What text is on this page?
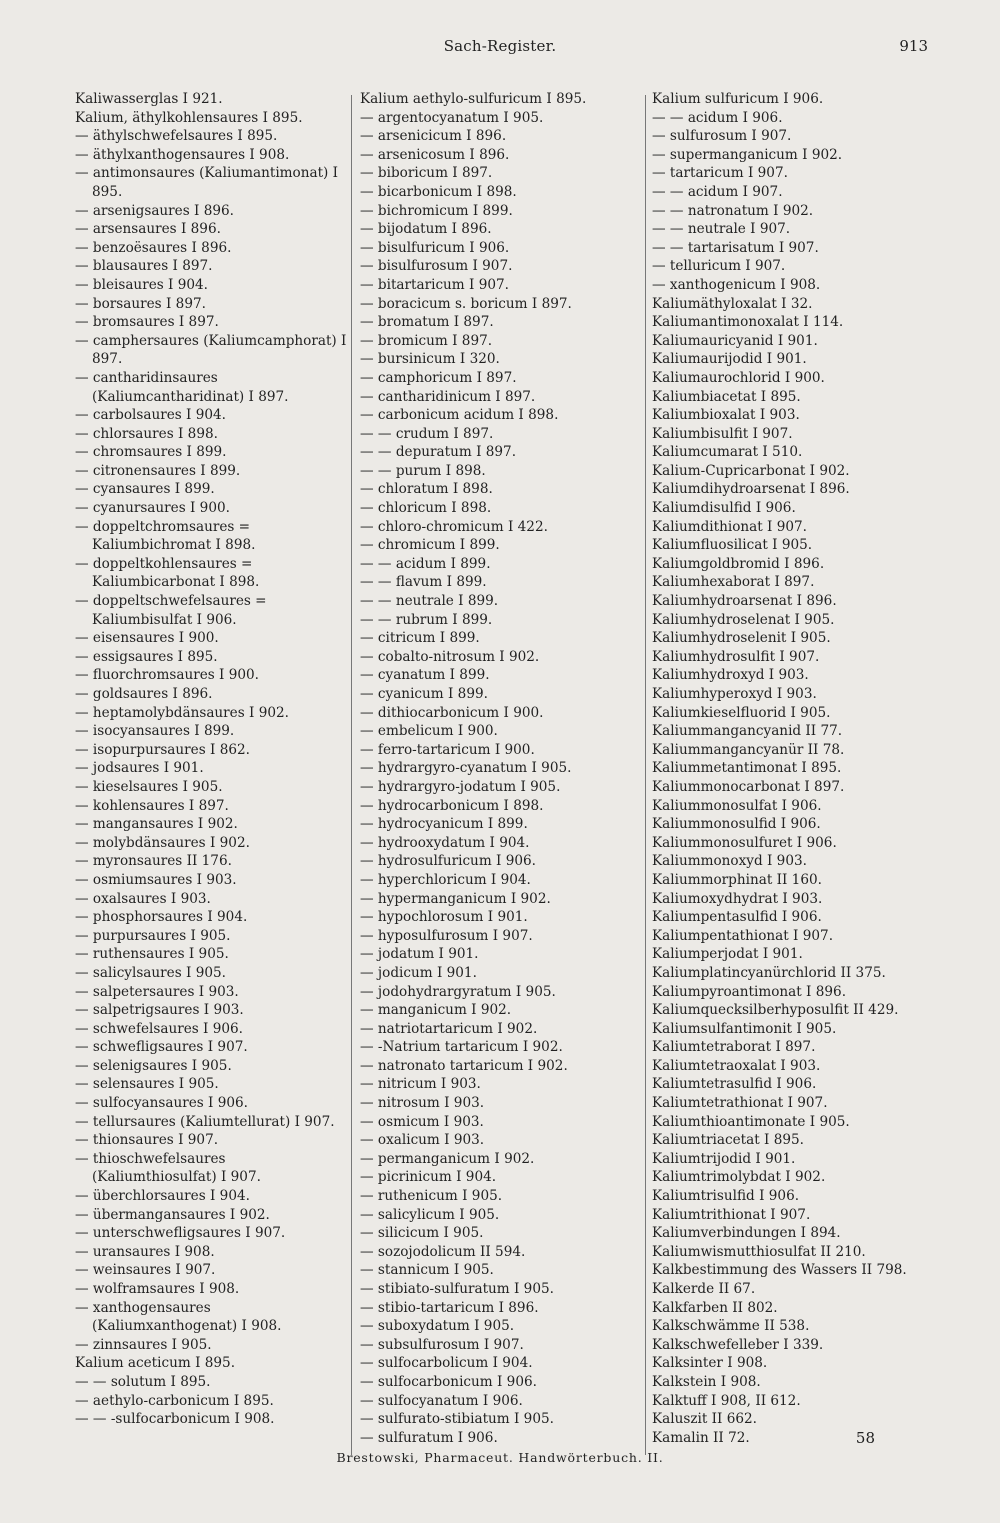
Sach-Register.	913
Kaliwasserglas I 921.
Kalium, äthylkohlensaures I 895.
— äthylschwefelsaures I 895.
— äthylxanthogensaures I 908.
— antimonsaures (Kaliumantimonat) I 895.
— arsenigsaures I 896.
— arsensaures I 896.
— benzoësaures I 896.
— blausaures I 897.
— bleisaures I 904.
— borsaures I 897.
— bromsaures I 897.
— camphersaures (Kaliumcamphorat) I 897.
— cantharidinsaures (Kaliumcantharidinat) I 897.
— carbolsaures I 904.
— chlorsaures I 898.
— chromsaures I 899.
— citronensaures I 899.
— cyansaures I 899.
— cyanursaures I 900.
— doppeltchromsaures = Kaliumbichromat I 898.
— doppeltkohlensaures = Kaliumbicarbonat I 898.
— doppeltschwefelsaures = Kaliumbisulfat I 906.
— eisensaures I 900.
— essigsaures I 895.
— fluorchromsaures I 900.
— goldsaures I 896.
— heptamolybdänsaures I 902.
— isocyansaures I 899.
— isopurpursaures I 862.
— jodsaures I 901.
— kieselsaures I 905.
— kohlensaures I 897.
— mangansaures I 902.
— molybdänsaures I 902.
— myronsaures II 176.
— osmiumsaures I 903.
— oxalsaures I 903.
— phosphorsaures I 904.
— purpursaures I 905.
— ruthensaures I 905.
— salicylsaures I 905.
— salpetersaures I 903.
— salpetrigsaures I 903.
— schwefelsaures I 906.
— schwefligsaures I 907.
— selenigsaures I 905.
— selensaures I 905.
— sulfocyansaures I 906.
— tellursaures (Kaliumtellurat) I 907.
— thionsaures I 907.
— thioschwefelsaures (Kaliumthiosulfat) I 907.
— überchlorsaures I 904.
— übermangansaures I 902.
— unterschwefligsaures I 907.
— uransaures I 908.
— weinsaures I 907.
— wolframsaures I 908.
— xanthogensaures (Kaliumxanthogenat) I 908.
— zinnsaures I 905.
Kalium aceticum I 895.
— — solutum I 895.
— aethylo-carbonicum I 895.
— — -sulfocarbonicum I 908.
Kalium aethylo-sulfuricum I 895.
— argentocyanatum I 905.
— arsenicicum I 896.
— arsenicosum I 896.
— biboricum I 897.
— bicarbonicum I 898.
— bichromicum I 899.
— bijodatum I 896.
— bisulfuricum I 906.
— bisulfurosum I 907.
— bitartaricum I 907.
— boracicum s. boricum I 897.
— bromatum I 897.
— bromicum I 897.
— bursinicum I 320.
— camphoricum I 897.
— cantharidinicum I 897.
— carbonicum acidum I 898.
— — crudum I 897.
— — depuratum I 897.
— — purum I 898.
— chloratum I 898.
— chloricum I 898.
— chloro-chromicum I 422.
— chromicum I 899.
— — acidum I 899.
— — flavum I 899.
— — neutrale I 899.
— — rubrum I 899.
— citricum I 899.
— cobalto-nitrosum I 902.
— cyanatum I 899.
— cyanicum I 899.
— dithiocarbonicum I 900.
— embelicum I 900.
— ferro-tartaricum I 900.
— hydrargyro-cyanatum I 905.
— hydrargyro-jodatum I 905.
— hydrocarbonicum I 898.
— hydrocyanicum I 899.
— hydrooxydatum I 904.
— hydrosulfuricum I 906.
— hyperchloricum I 904.
— hypermanganicum I 902.
— hypochlorosum I 901.
— hyposulfurosum I 907.
— jodatum I 901.
— jodicum I 901.
— jodohydrargyratum I 905.
— manganicum I 902.
— natriotartaricum I 902.
— -Natrium tartaricum I 902.
— natronato tartaricum I 902.
— nitricum I 903.
— nitrosum I 903.
— osmicum I 903.
— oxalicum I 903.
— permanganicum I 902.
— picrinicum I 904.
— ruthenicum I 905.
— salicylicum I 905.
— silicicum I 905.
— sozojodolicum II 594.
— stannicum I 905.
— stibiato-sulfuratum I 905.
— stibio-tartaricum I 896.
— suboxydatum I 905.
— subsulfurosum I 907.
— sulfocarbolicum I 904.
— sulfocarbonicum I 906.
— sulfocyanatum I 906.
— sulfurato-stibiatum I 905.
— sulfuratum I 906.
Kalium sulfuricum I 906.
— — acidum I 906.
— sulfurosum I 907.
— supermanganicum I 902.
— tartaricum I 907.
— — acidum I 907.
— — natronatum I 902.
— — neutrale I 907.
— — tartarisatum I 907.
— telluricum I 907.
— xanthogenicum I 908.
Kaliumäthyloxalat I 32.
Kaliumantimonoxalat I 114.
Kaliumauricyanid I 901.
Kaliumaurijodid I 901.
Kaliumaurochlorid I 900.
Kaliumbiacetat I 895.
Kaliumbioxalat I 903.
Kaliumbisulfit I 907.
Kaliumcumarat I 510.
Kalium-Cupricarbonat I 902.
Kaliumdihydroarsenat I 896.
Kaliumdisulfid I 906.
Kaliumdithionat I 907.
Kaliumfluosilicat I 905.
Kaliumgoldbromid I 896.
Kaliumhexaborat I 897.
Kaliumhydroarsenat I 896.
Kaliumhydroselenat I 905.
Kaliumhydroselenit I 905.
Kaliumhydrosulfit I 907.
Kaliumhydroxyd I 903.
Kaliumhyperoxyd I 903.
Kaliumkieselfluorid I 905.
Kaliummangancyanid II 77.
Kaliummangancyanür II 78.
Kaliummetantimonat I 895.
Kaliummonocarbonat I 897.
Kaliummonosulfat I 906.
Kaliummonosulfid I 906.
Kaliummonosulfuret I 906.
Kaliummonoxyd I 903.
Kaliummorphinat II 160.
Kaliumoxydhydrat I 903.
Kaliumpentasulfid I 906.
Kaliumpentathionat I 907.
Kaliumperjodat I 901.
Kaliumplatincyanürchlorid II 375.
Kaliumpyroantimonat I 896.
Kaliumquecksilberhyposulfit II 429.
Kaliumsulfantimonit I 905.
Kaliumtetraborat I 897.
Kaliumtetraoxalat I 903.
Kaliumtetrasulfid I 906.
Kaliumtetrathionat I 907.
Kaliumthioantimonate I 905.
Kaliumtriacetat I 895.
Kaliumtrijodid I 901.
Kaliumtrimolybdat I 902.
Kaliumtrisulfid I 906.
Kaliumtrithionat I 907.
Kaliumverbindungen I 894.
Kaliumwismutthiosulfat II 210.
Kalkbestimmung des Wassers II 798.
Kalkerde II 67.
Kalkfarben II 802.
Kalkschwämme II 538.
Kalkschwefelleber I 339.
Kalksinter I 908.
Kalkstein I 908.
Kalktuff I 908, II 612.
Kaluszit II 662.
Kamalin II 72.	58
Brestowski, Pharmaceut. Handwörterbuch. II.
